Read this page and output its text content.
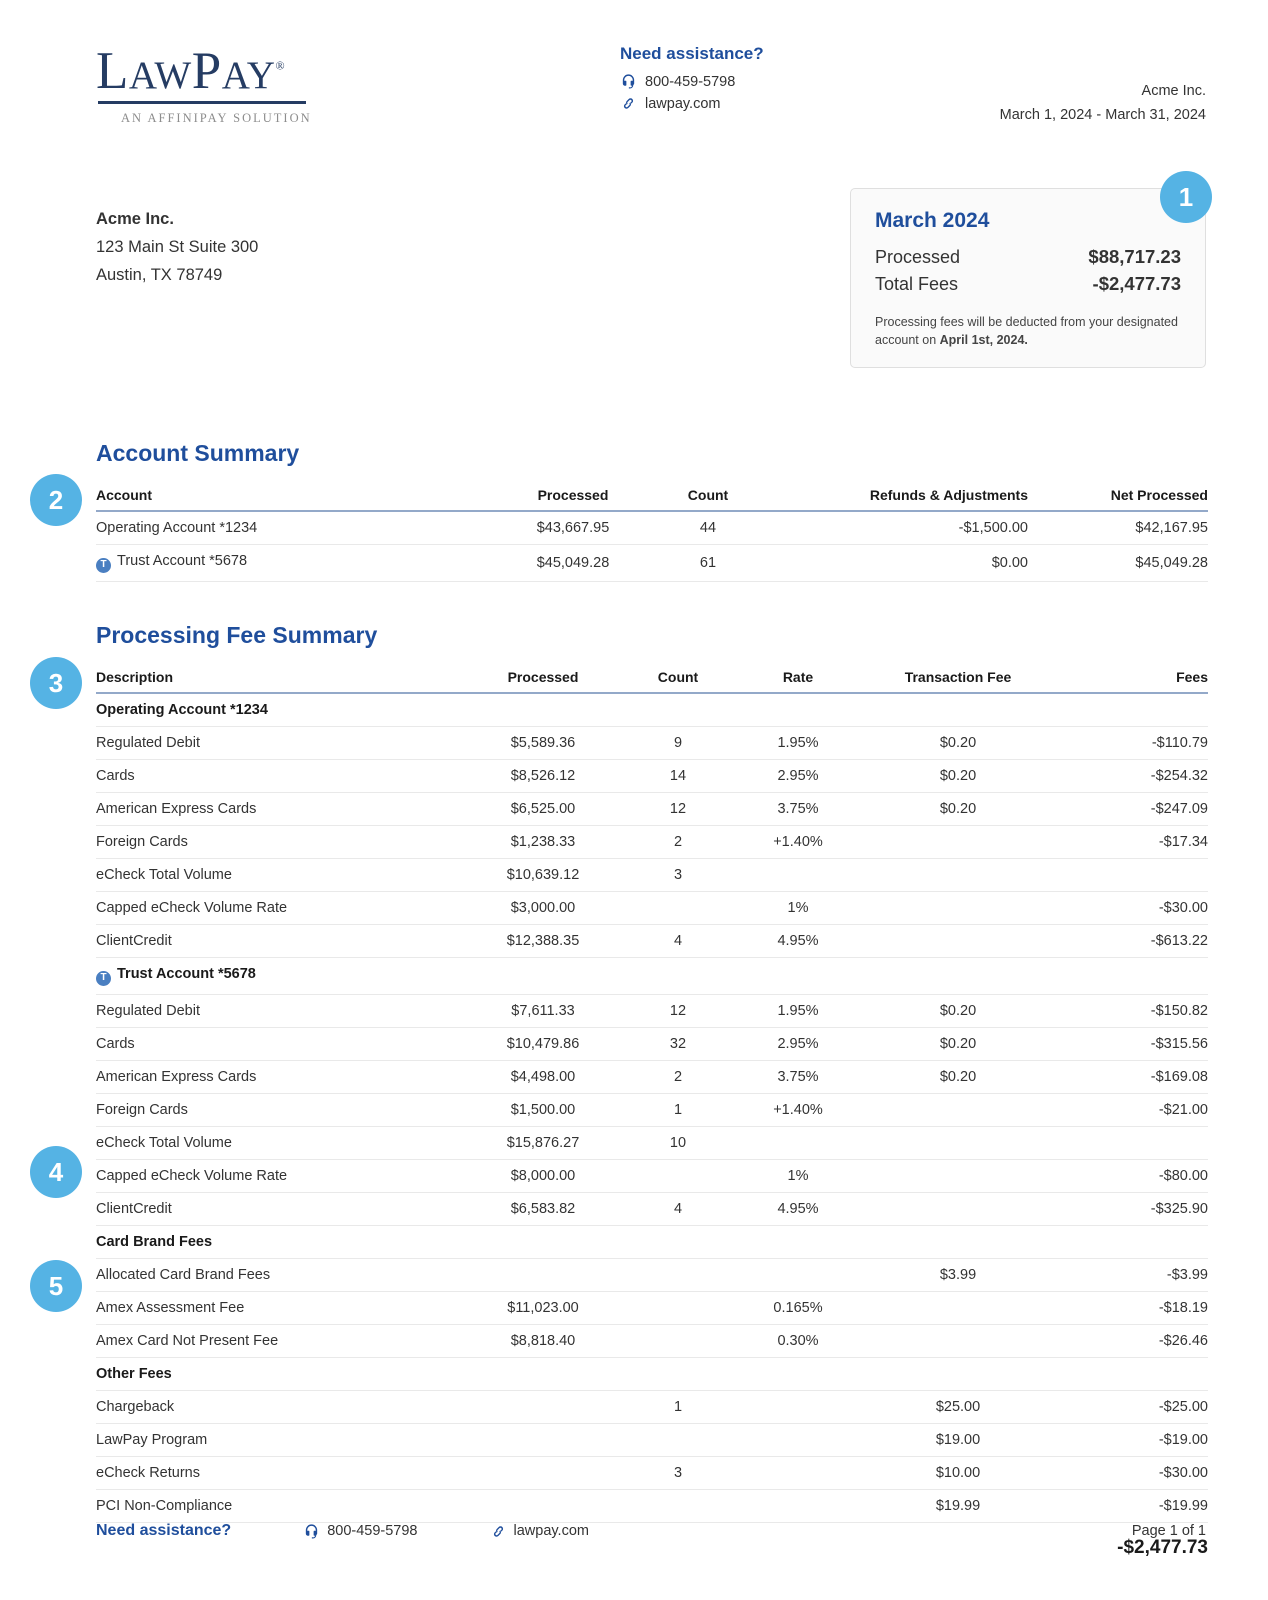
LAWPAY®
AN AFFINIPAY SOLUTION
Need assistance?
800-459-5798
lawpay.com
Acme Inc.
March 1, 2024 - March 31, 2024
Acme Inc.
123 Main St Suite 300
Austin, TX 78749
March 2024
Processed	$88,717.23
Total Fees	-$2,477.73
Processing fees will be deducted from your designated account on April 1st, 2024.
1
Account Summary
2	Account	Processed	Count	Refunds & Adjustments	Net Processed
Operating Account *1234	$43,667.95	44	-$1,500.00	$42,167.95
T Trust Account *5678	$45,049.28	61	$0.00	$45,049.28
Processing Fee Summary
3
4
5
Description	Processed	Count	Rate	Transaction Fee	Fees
Operating Account *1234					
Regulated Debit	$5,589.36	9	1.95%	$0.20	-$110.79
Cards	$8,526.12	14	2.95%	$0.20	-$254.32
American Express Cards	$6,525.00	12	3.75%	$0.20	-$247.09
Foreign Cards	$1,238.33	2	+1.40%		-$17.34
eCheck Total Volume	$10,639.12	3			
Capped eCheck Volume Rate	$3,000.00		1%		-$30.00
ClientCredit	$12,388.35	4	4.95%		-$613.22
T Trust Account *5678					
Regulated Debit	$7,611.33	12	1.95%	$0.20	-$150.82
Cards	$10,479.86	32	2.95%	$0.20	-$315.56
American Express Cards	$4,498.00	2	3.75%	$0.20	-$169.08
Foreign Cards	$1,500.00	1	+1.40%		-$21.00
eCheck Total Volume	$15,876.27	10			
Capped eCheck Volume Rate	$8,000.00		1%		-$80.00
ClientCredit	$6,583.82	4	4.95%		-$325.90
Card Brand Fees					
Allocated Card Brand Fees				$3.99	-$3.99
Amex Assessment Fee	$11,023.00		0.165%		-$18.19
Amex Card Not Present Fee	$8,818.40		0.30%		-$26.46
Other Fees					
Chargeback		1		$25.00	-$25.00
LawPay Program				$19.00	-$19.00
eCheck Returns		3		$10.00	-$30.00
PCI Non-Compliance				$19.99	-$19.99
					-$2,477.73
Need assistance?	800-459-5798	lawpay.com	Page 1 of 1
